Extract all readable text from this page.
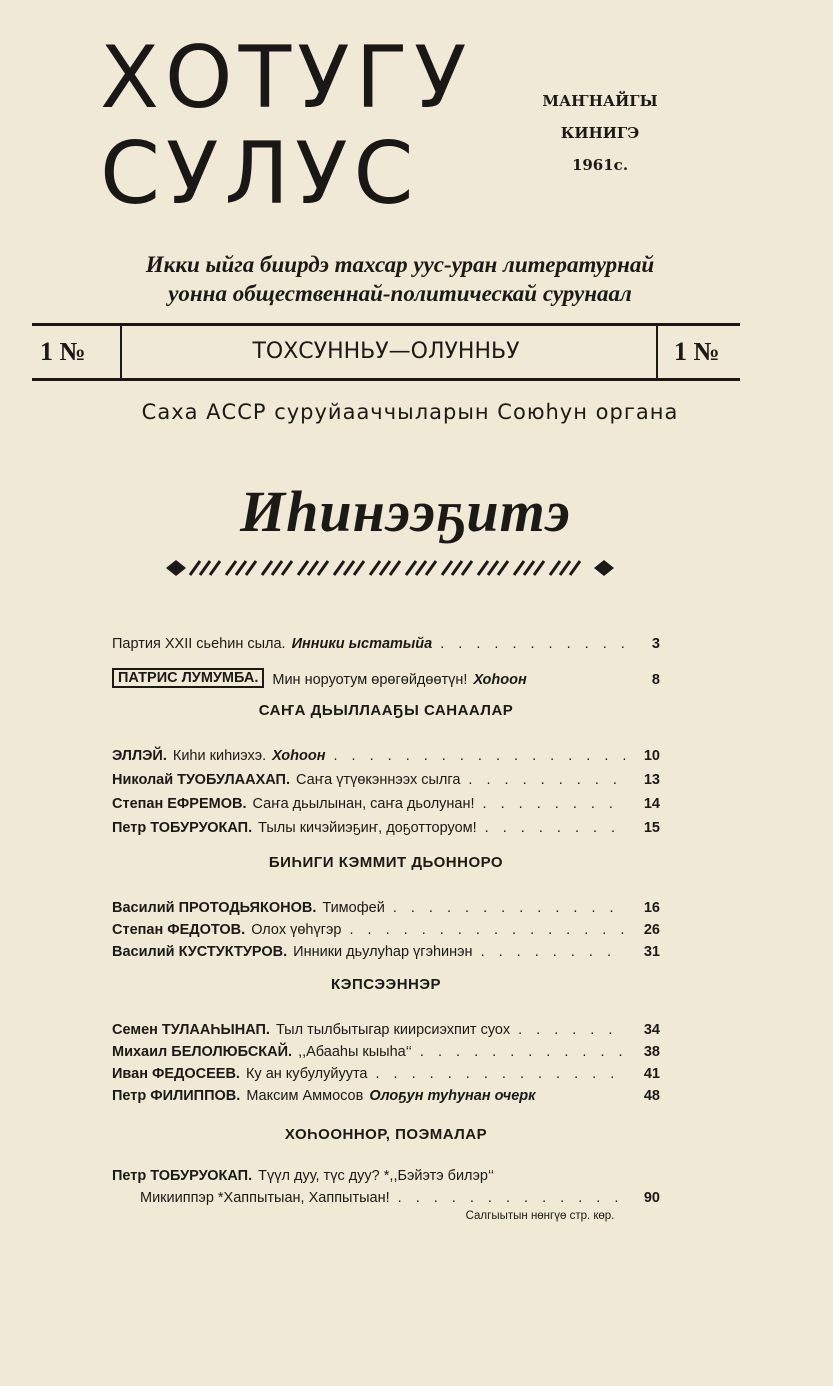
ХОТУГУ
СУЛУС
МАҤНАЙГЫ
КИНИГЭ
1961с.
Икки ыйга биирдэ тахсар уус-уран литературнай
уонна общественнай-политическай сурунаал
1 №	ТОХСУННЬУ—ОЛУННЬУ	1 №
Саха АССР суруйааччыларын Союһун органа
Иһинээҕитэ
Партия XXII сьеһин сыла. Инники ыстатыйа . . .	3
ПАТРИС ЛУМУМБА. Мин норуотум өрөгөйдөөтүн! Хоһоон	8
САҤА ДЬЫЛЛААҔЫ САНААЛАР
ЭЛЛЭЙ. Киһи киһиэхэ. Хоһоон . . .	10
Николай ТУОБУЛААХАП. Саҥа үтүөкэннээх сылга . . .	13
Степан ЕФРЕМОВ. Саҥа дьылынан, саҥа дьолунан! . . .	14
Петр ТОБУРУОКАП. Тылы кичэйиэҕиҥ, доҕотторуом! . . .	15
БИҺИГИ КЭММИТ ДЬОННОРО
Василий ПРОТОДЬЯКОНОВ. Тимофей . . .	16
Степан ФЕДОТОВ. Олох үөһүгэр . . .	26
Василий КУСТУКТУРОВ. Инники дьулуһар үгэһинэн . . .	31
КЭПСЭЭННЭР
Семен ТУЛААҺЫНАП. Тыл тылбытыгар киирсиэхпит суох . . .	34
Михаил БЕЛОЛЮБСКАЙ. ,,Абааһы кыыһа‘‘ . . .	38
Иван ФЕДОСЕЕВ. Ку ан кубулуйуута . . .	41
Петр ФИЛИППОВ. Максим Аммосов Олоҕун туһунан очерк	48
ХОҺООННОР, ПОЭМАЛАР
Петр ТОБУРУОКАП. Түүл дуу, түс дуу? *,,Бэйэтэ билэр‘‘
Микииппэр *Хаппытыан, Хаппытыан! . . .	90
Салгыытын нөнгүө стр. көр.
